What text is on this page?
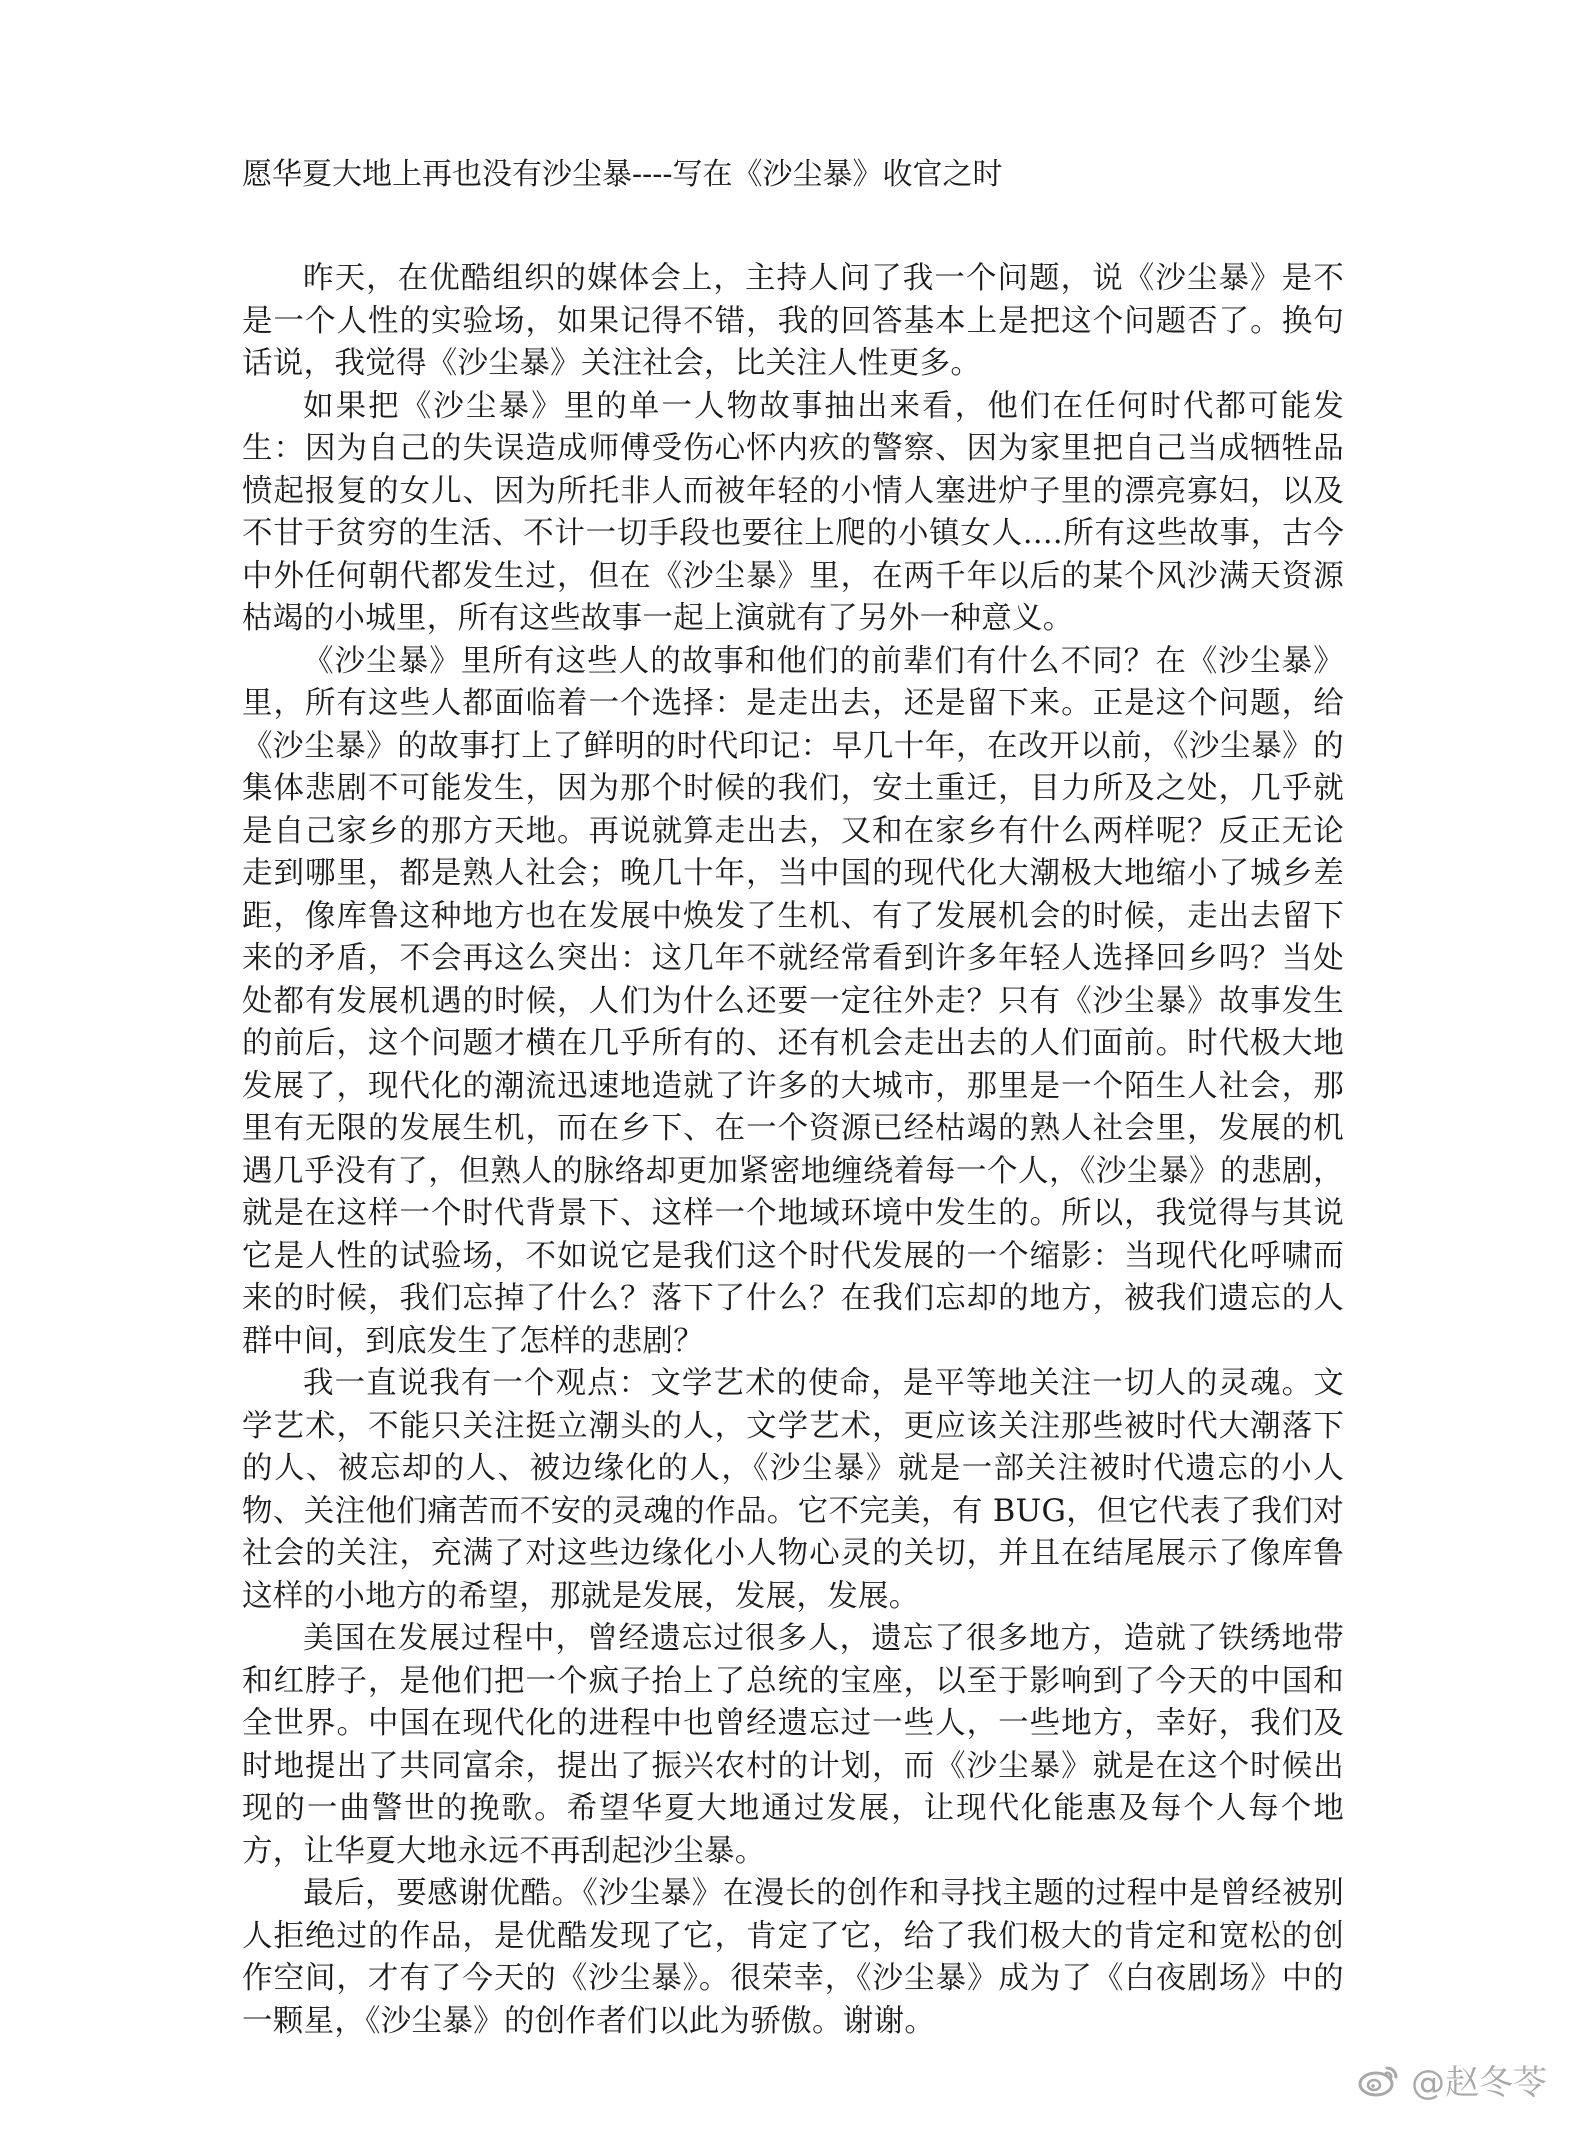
愿华夏大地上再也没有沙尘暴----写在《沙尘暴》收官之时

昨天，在优酷组织的媒体会上，主持人问了我一个问题，说《沙尘暴》是不是一个人性的实验场，如果记得不错，我的回答基本上是把这个问题否了。换句话说，我觉得《沙尘暴》关注社会，比关注人性更多。

如果把《沙尘暴》里的单一人物故事抽出来看，他们在任何时代都可能发生：因为自己的失误造成师傅受伤心怀内疚的警察、因为家里把自己当成牺牲品愤起报复的女儿、因为所托非人而被年轻的小情人塞进炉子里的漂亮寡妇，以及不甘于贫穷的生活、不计一切手段也要往上爬的小镇女人....所有这些故事，古今中外任何朝代都发生过，但在《沙尘暴》里，在两千年以后的某个风沙满天资源枯竭的小城里，所有这些故事一起上演就有了另外一种意义。

《沙尘暴》里所有这些人的故事和他们的前辈们有什么不同？在《沙尘暴》里，所有这些人都面临着一个选择：是走出去，还是留下来。正是这个问题，给《沙尘暴》的故事打上了鲜明的时代印记：早几十年，在改开以前，《沙尘暴》的集体悲剧不可能发生，因为那个时候的我们，安土重迁，目力所及之处，几乎就是自己家乡的那方天地。再说就算走出去，又和在家乡有什么两样呢？反正无论走到哪里，都是熟人社会；晚几十年，当中国的现代化大潮极大地缩小了城乡差距，像库鲁这种地方也在发展中焕发了生机、有了发展机会的时候，走出去留下来的矛盾，不会再这么突出：这几年不就经常看到许多年轻人选择回乡吗？当处处都有发展机遇的时候，人们为什么还要一定往外走？只有《沙尘暴》故事发生的前后，这个问题才横在几乎所有的、还有机会走出去的人们面前。时代极大地发展了，现代化的潮流迅速地造就了许多的大城市，那里是一个陌生人社会，那里有无限的发展生机，而在乡下、在一个资源已经枯竭的熟人社会里，发展的机遇几乎没有了，但熟人的脉络却更加紧密地缠绕着每一个人，《沙尘暴》的悲剧，就是在这样一个时代背景下、这样一个地域环境中发生的。所以，我觉得与其说它是人性的试验场，不如说它是我们这个时代发展的一个缩影：当现代化呼啸而来的时候，我们忘掉了什么？落下了什么？在我们忘却的地方，被我们遗忘的人群中间，到底发生了怎样的悲剧？

我一直说我有一个观点：文学艺术的使命，是平等地关注一切人的灵魂。文学艺术，不能只关注挺立潮头的人，文学艺术，更应该关注那些被时代大潮落下的人、被忘却的人、被边缘化的人，《沙尘暴》就是一部关注被时代遗忘的小人物、关注他们痛苦而不安的灵魂的作品。它不完美，有 BUG，但它代表了我们对社会的关注，充满了对这些边缘化小人物心灵的关切，并且在结尾展示了像库鲁这样的小地方的希望，那就是发展，发展，发展。

美国在发展过程中，曾经遗忘过很多人，遗忘了很多地方，造就了铁绣地带和红脖子，是他们把一个疯子抬上了总统的宝座，以至于影响到了今天的中国和全世界。中国在现代化的进程中也曾经遗忘过一些人，一些地方，幸好，我们及时地提出了共同富余，提出了振兴农村的计划，而《沙尘暴》就是在这个时候出现的一曲警世的挽歌。希望华夏大地通过发展，让现代化能惠及每个人每个地方，让华夏大地永远不再刮起沙尘暴。

最后，要感谢优酷。《沙尘暴》在漫长的创作和寻找主题的过程中是曾经被别人拒绝过的作品，是优酷发现了它，肯定了它，给了我们极大的肯定和宽松的创作空间，才有了今天的《沙尘暴》。很荣幸，《沙尘暴》成为了《白夜剧场》中的一颗星，《沙尘暴》的创作者们以此为骄傲。谢谢。

@赵冬苓
